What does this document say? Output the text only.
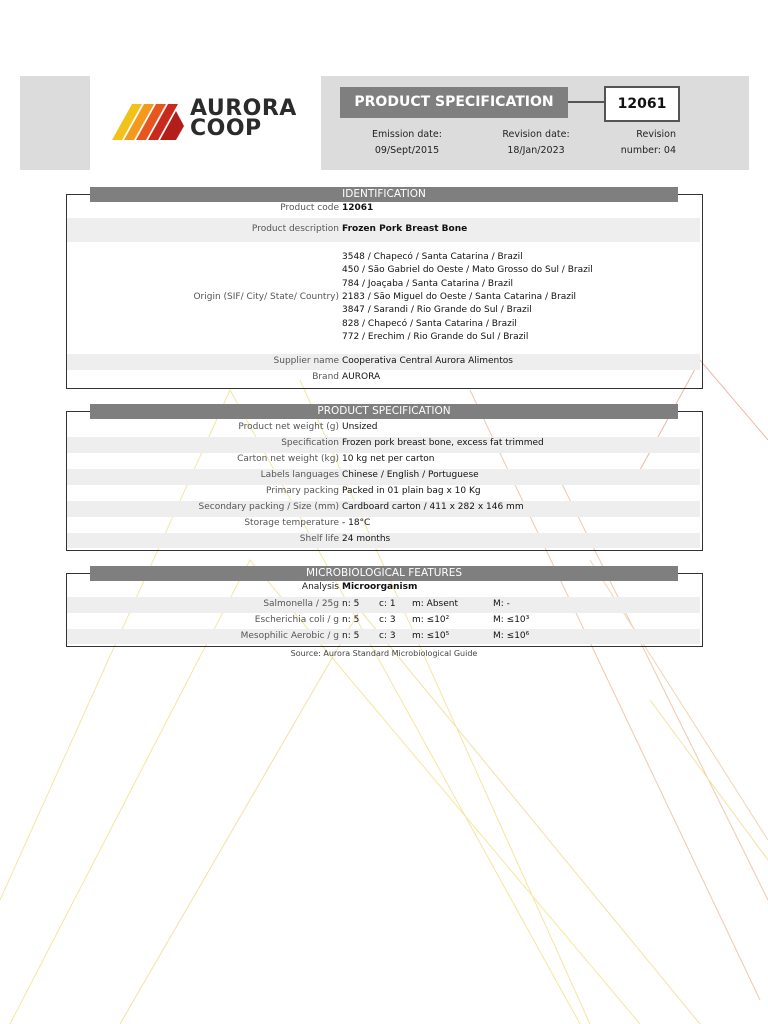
AURORA
COOP
PRODUCT SPECIFICATION	12061
Emission date:
09/Sept/2015
Revision date:
18/Jan/2023
Revision
number: 04
IDENTIFICATION
Product code 12061
Product description Frozen Pork Breast Bone
Origin (SIF/ City/ State/ Country)
3548 / Chapecó / Santa Catarina / Brazil
450 / São Gabriel do Oeste / Mato Grosso do Sul / Brazil
784 / Joaçaba / Santa Catarina / Brazil
2183 / São Miguel do Oeste / Santa Catarina / Brazil
3847 / Sarandi / Rio Grande do Sul / Brazil
828 / Chapecó / Santa Catarina / Brazil
772 / Erechim / Rio Grande do Sul / Brazil
Supplier name Cooperativa Central Aurora Alimentos
Brand AURORA
PRODUCT SPECIFICATION
Product net weight (g) Unsized
Specification Frozen pork breast bone, excess fat trimmed
Carton net weight (kg) 10 kg net per carton
Labels languages Chinese / English / Portuguese
Primary packing Packed in 01 plain bag x 10 Kg
Secondary packing / Size (mm) Cardboard carton / 411 x 282 x 146 mm
Storage temperature - 18°C
Shelf life 24 months
MICROBIOLOGICAL FEATURES
Analysis Microorganism
Salmonella / 25g n: 5 c: 1 m: Absent	M: -
Escherichia coli / g n: 5 c: 3 m: ≤10²	M: ≤10³
Mesophilic Aerobic / g n: 5 c: 3 m: ≤10⁵	M: ≤10⁶
Source: Aurora Standard Microbiological Guide
